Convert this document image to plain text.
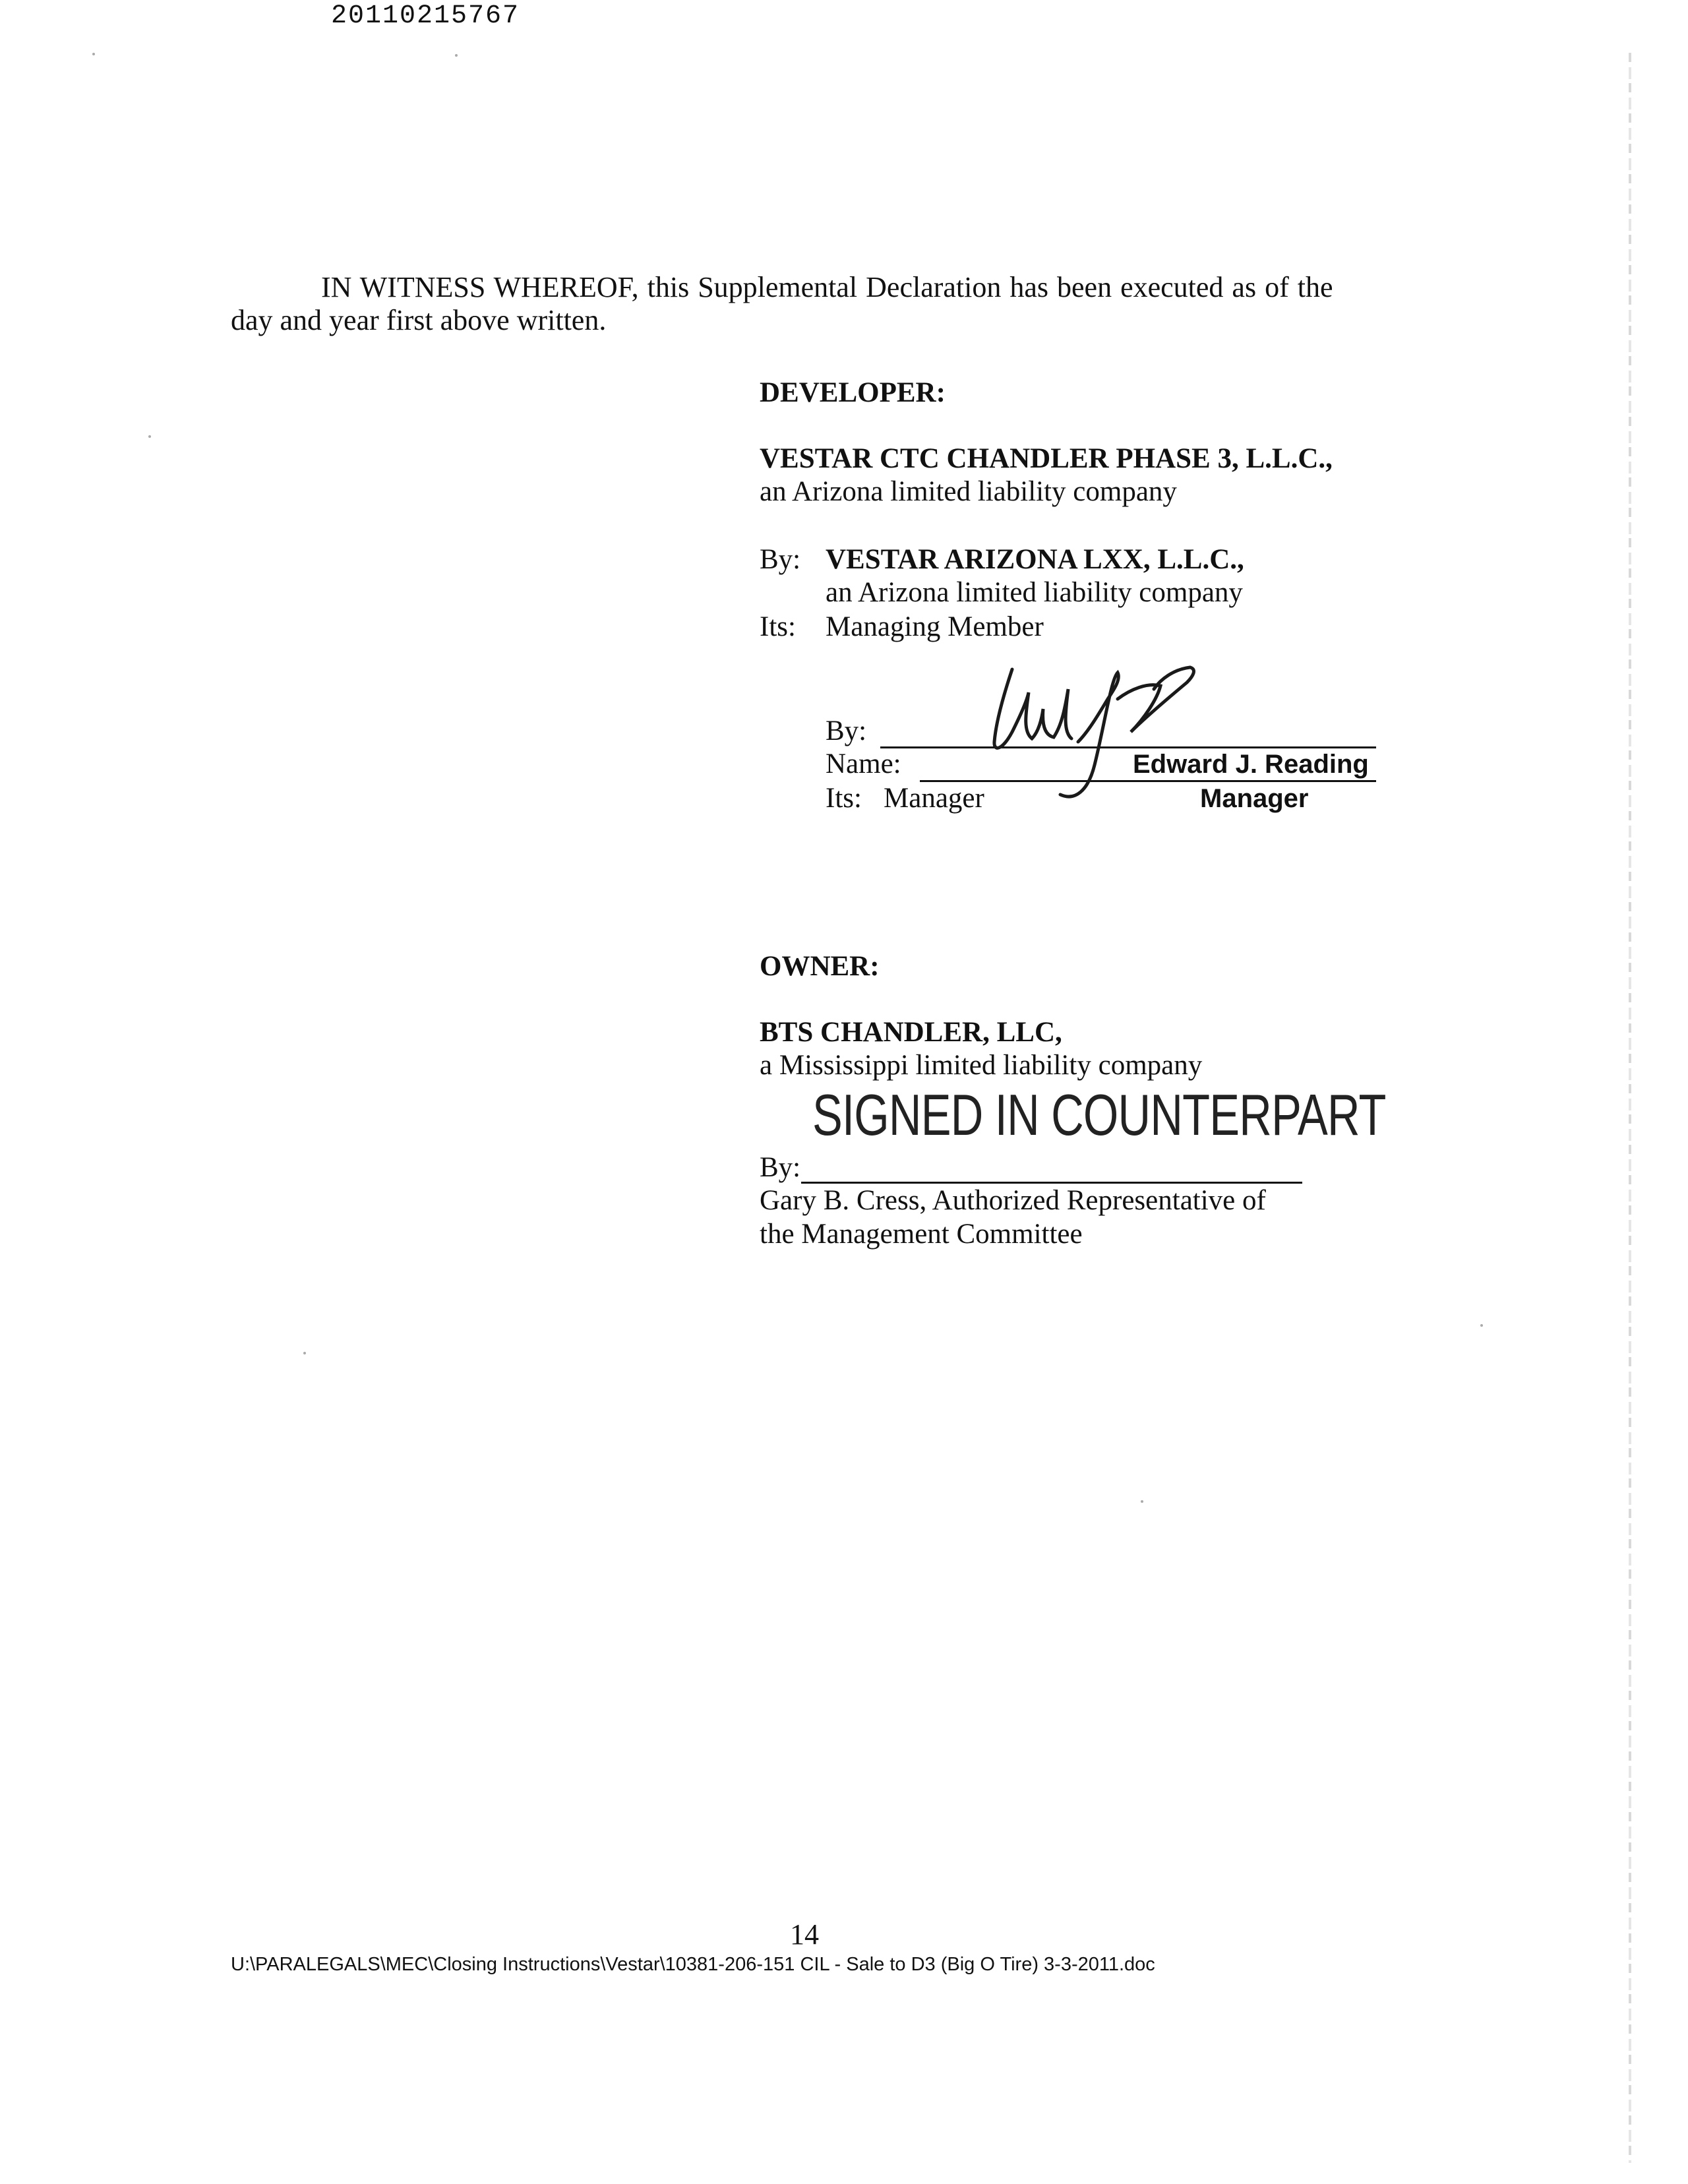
20110215767
IN WITNESS WHEREOF, this Supplemental Declaration has been executed as of the
day and year first above written.
DEVELOPER:
VESTAR CTC CHANDLER PHASE 3, L.L.C.,
an Arizona limited liability company
By: VESTAR ARIZONA LXX, L.L.C.,
an Arizona limited liability company
Its: Managing Member
By:
Name:
Its: Manager
Edward J. Reading
Manager
OWNER:
BTS CHANDLER, LLC,
a Mississippi limited liability company
SIGNED IN COUNTERPART
By:
Gary B. Cress, Authorized Representative of
the Management Committee
14
U:\PARALEGALS\MEC\Closing Instructions\Vestar\10381-206-151 CIL - Sale to D3 (Big O Tire) 3-3-2011.doc
